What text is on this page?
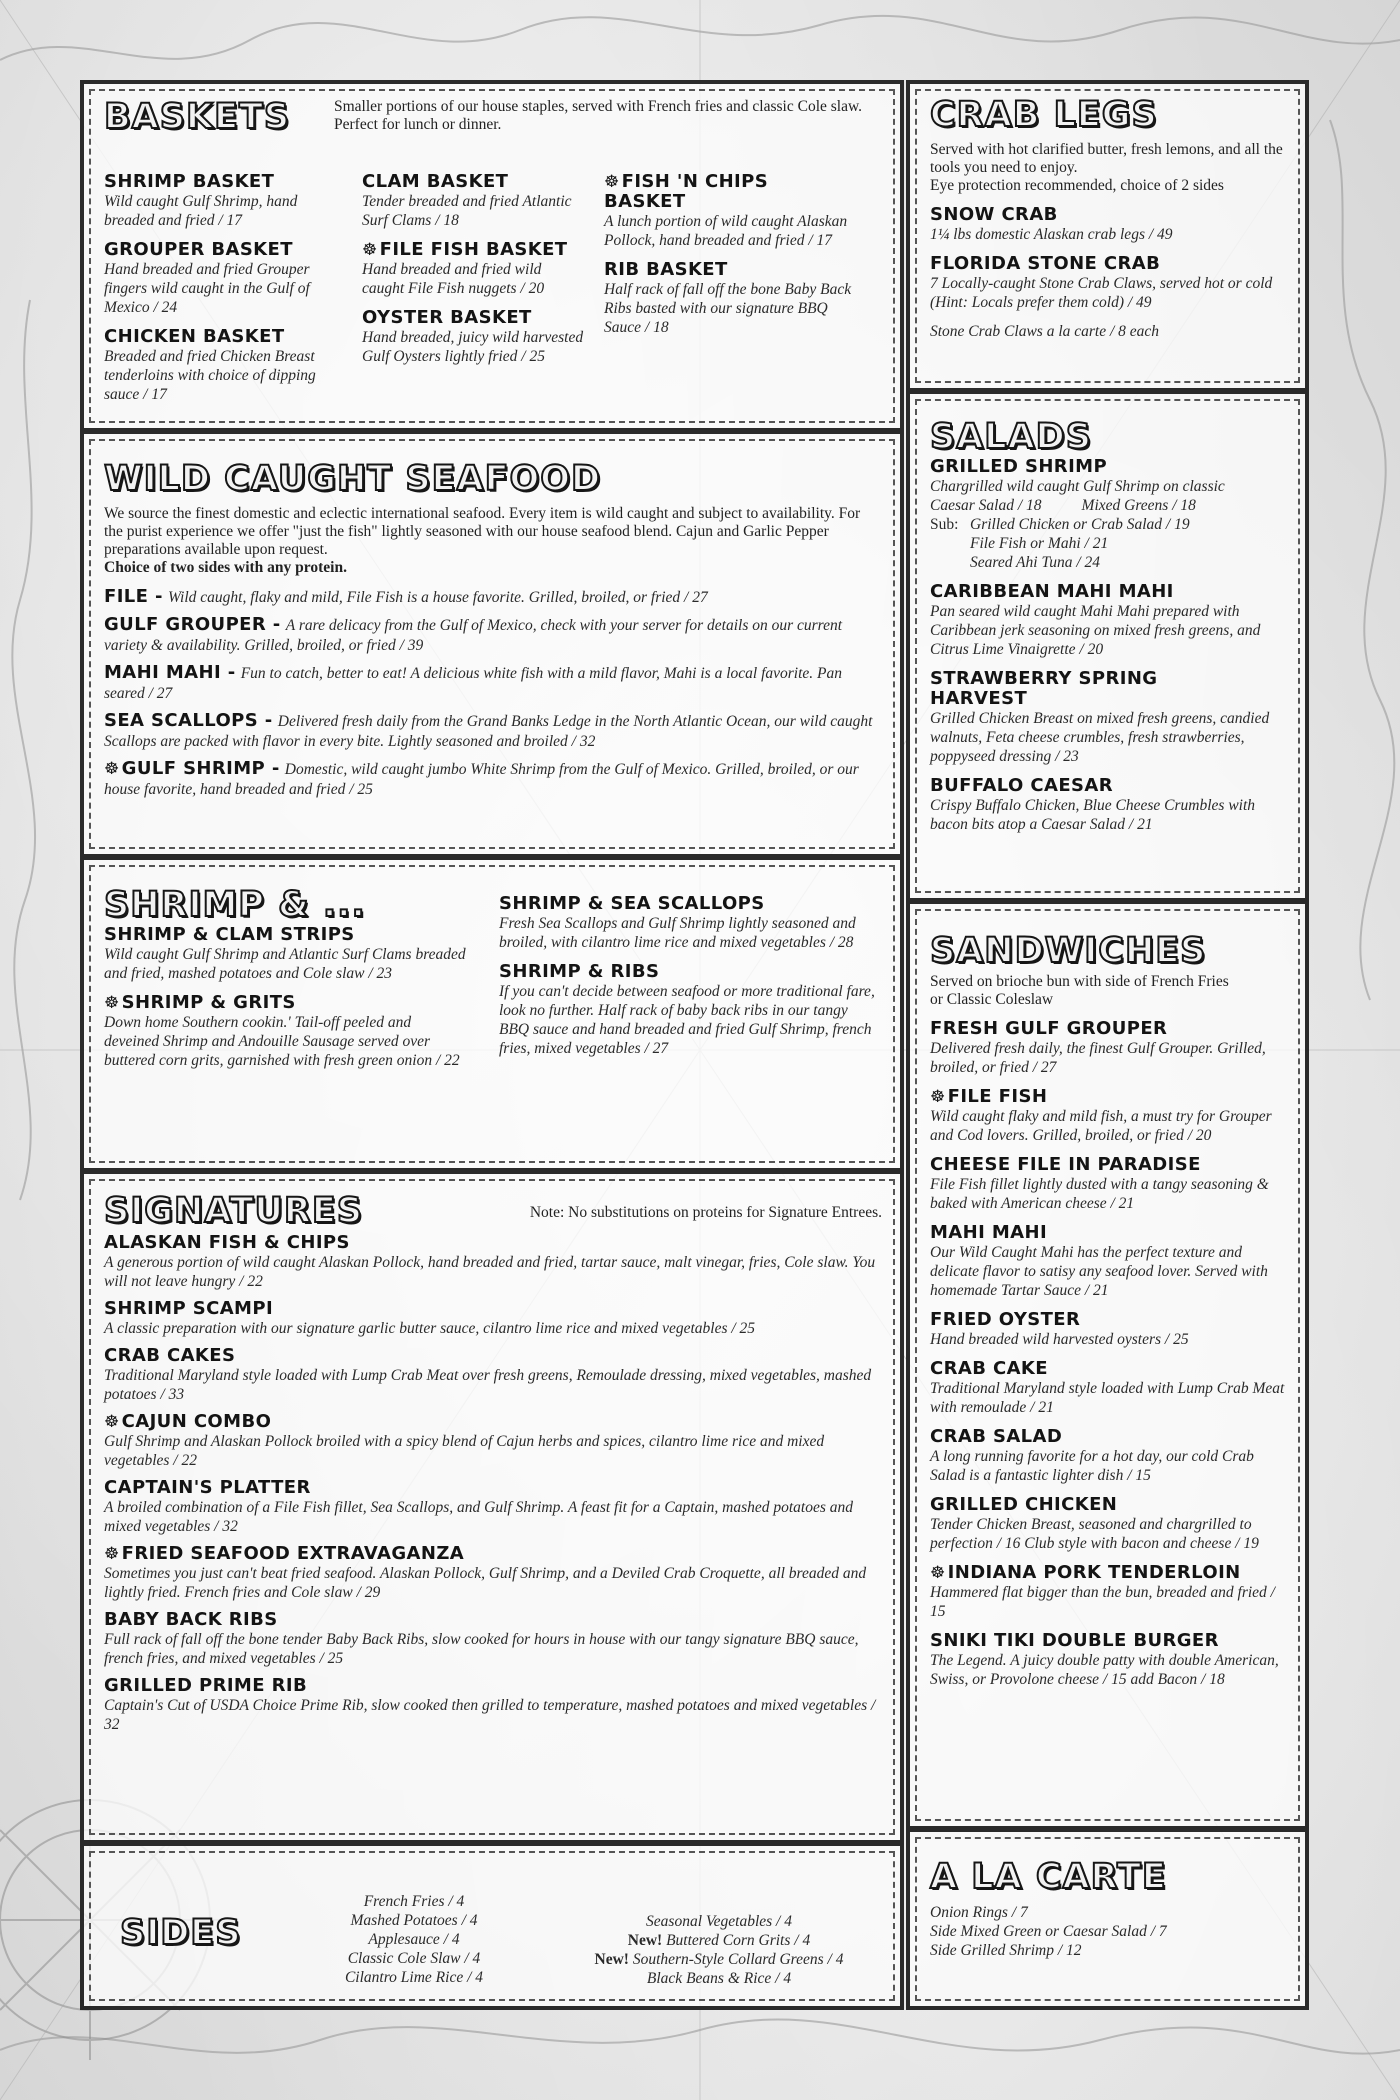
BASKETS	Smaller portions of our house staples, served with French fries and classic Cole slaw. Perfect for lunch or dinner.
SHRIMP BASKET
Wild caught Gulf Shrimp, hand breaded and fried / 17
GROUPER BASKET
Hand breaded and fried Grouper fingers wild caught in the Gulf of Mexico / 24
CHICKEN BASKET
Breaded and fried Chicken Breast tenderloins with choice of dipping sauce / 17
CLAM BASKET
Tender breaded and fried Atlantic Surf Clams / 18
☸ FILE FISH BASKET
Hand breaded and fried wild caught File Fish nuggets / 20
OYSTER BASKET
Hand breaded, juicy wild harvested Gulf Oysters lightly fried / 25
☸ FISH 'N CHIPS BASKET
A lunch portion of wild caught Alaskan Pollock, hand breaded and fried / 17
RIB BASKET
Half rack of fall off the bone Baby Back Ribs basted with our signature BBQ Sauce / 18
CRAB LEGS
Served with hot clarified butter, fresh lemons, and all the tools you need to enjoy.
Eye protection recommended, choice of 2 sides
SNOW CRAB
1¼ lbs domestic Alaskan crab legs / 49
FLORIDA STONE CRAB
7 Locally-caught Stone Crab Claws, served hot or cold (Hint: Locals prefer them cold) / 49
Stone Crab Claws a la carte / 8 each
WILD CAUGHT SEAFOOD
We source the finest domestic and eclectic international seafood. Every item is wild caught and subject to availability. For the purist experience we offer "just the fish" lightly seasoned with our house seafood blend. Cajun and Garlic Pepper preparations available upon request.
Choice of two sides with any protein.
FILE - Wild caught, flaky and mild, File Fish is a house favorite. Grilled, broiled, or fried / 27
GULF GROUPER - A rare delicacy from the Gulf of Mexico, check with your server for details on our current variety & availability. Grilled, broiled, or fried / 39
MAHI MAHI - Fun to catch, better to eat! A delicious white fish with a mild flavor, Mahi is a local favorite. Pan seared / 27
SEA SCALLOPS - Delivered fresh daily from the Grand Banks Ledge in the North Atlantic Ocean, our wild caught Scallops are packed with flavor in every bite. Lightly seasoned and broiled / 32
☸ GULF SHRIMP - Domestic, wild caught jumbo White Shrimp from the Gulf of Mexico. Grilled, broiled, or our house favorite, hand breaded and fried / 25
SALADS
GRILLED SHRIMP
Chargrilled wild caught Gulf Shrimp on classic
Caesar Salad / 18	Mixed Greens / 18
Sub: Grilled Chicken or Crab Salad / 19
File Fish or Mahi / 21
Seared Ahi Tuna / 24
CARIBBEAN MAHI MAHI
Pan seared wild caught Mahi Mahi prepared with Caribbean jerk seasoning on mixed fresh greens, and Citrus Lime Vinaigrette / 20
STRAWBERRY SPRING HARVEST
Grilled Chicken Breast on mixed fresh greens, candied walnuts, Feta cheese crumbles, fresh strawberries, poppyseed dressing / 23
BUFFALO CAESAR
Crispy Buffalo Chicken, Blue Cheese Crumbles with bacon bits atop a Caesar Salad / 21
SHRIMP & ...
SHRIMP & CLAM STRIPS
Wild caught Gulf Shrimp and Atlantic Surf Clams breaded and fried, mashed potatoes and Cole slaw / 23
☸ SHRIMP & GRITS
Down home Southern cookin.' Tail-off peeled and deveined Shrimp and Andouille Sausage served over buttered corn grits, garnished with fresh green onion / 22
SHRIMP & SEA SCALLOPS
Fresh Sea Scallops and Gulf Shrimp lightly seasoned and broiled, with cilantro lime rice and mixed vegetables / 28
SHRIMP & RIBS
If you can't decide between seafood or more traditional fare, look no further. Half rack of baby back ribs in our tangy BBQ sauce and hand breaded and fried Gulf Shrimp, french fries, mixed vegetables / 27
SANDWICHES
Served on brioche bun with side of French Fries or Classic Coleslaw
FRESH GULF GROUPER
Delivered fresh daily, the finest Gulf Grouper. Grilled, broiled, or fried / 27
☸ FILE FISH
Wild caught flaky and mild fish, a must try for Grouper and Cod lovers. Grilled, broiled, or fried / 20
CHEESE FILE IN PARADISE
File Fish fillet lightly dusted with a tangy seasoning & baked with American cheese / 21
MAHI MAHI
Our Wild Caught Mahi has the perfect texture and delicate flavor to satisy any seafood lover. Served with homemade Tartar Sauce / 21
FRIED OYSTER
Hand breaded wild harvested oysters / 25
CRAB CAKE
Traditional Maryland style loaded with Lump Crab Meat with remoulade / 21
CRAB SALAD
A long running favorite for a hot day, our cold Crab Salad is a fantastic lighter dish / 15
GRILLED CHICKEN
Tender Chicken Breast, seasoned and chargrilled to perfection / 16 Club style with bacon and cheese / 19
☸ INDIANA PORK TENDERLOIN
Hammered flat bigger than the bun, breaded and fried / 15
SNIKI TIKI DOUBLE BURGER
The Legend. A juicy double patty with double American, Swiss, or Provolone cheese / 15 add Bacon / 18
SIGNATURES	Note: No substitutions on proteins for Signature Entrees.
ALASKAN FISH & CHIPS
A generous portion of wild caught Alaskan Pollock, hand breaded and fried, tartar sauce, malt vinegar, fries, Cole slaw. You will not leave hungry / 22
SHRIMP SCAMPI
A classic preparation with our signature garlic butter sauce, cilantro lime rice and mixed vegetables / 25
CRAB CAKES
Traditional Maryland style loaded with Lump Crab Meat over fresh greens, Remoulade dressing, mixed vegetables, mashed potatoes / 33
☸ CAJUN COMBO
Gulf Shrimp and Alaskan Pollock broiled with a spicy blend of Cajun herbs and spices, cilantro lime rice and mixed vegetables / 22
CAPTAIN'S PLATTER
A broiled combination of a File Fish fillet, Sea Scallops, and Gulf Shrimp. A feast fit for a Captain, mashed potatoes and mixed vegetables / 32
☸ FRIED SEAFOOD EXTRAVAGANZA
Sometimes you just can't beat fried seafood. Alaskan Pollock, Gulf Shrimp, and a Deviled Crab Croquette, all breaded and lightly fried. French fries and Cole slaw / 29
BABY BACK RIBS
Full rack of fall off the bone tender Baby Back Ribs, slow cooked for hours in house with our tangy signature BBQ sauce, french fries, and mixed vegetables / 25
GRILLED PRIME RIB
Captain's Cut of USDA Choice Prime Rib, slow cooked then grilled to temperature, mashed potatoes and mixed vegetables / 32
SIDES
French Fries / 4
Mashed Potatoes / 4
Applesauce / 4
Classic Cole Slaw / 4
Cilantro Lime Rice / 4
Seasonal Vegetables / 4
New! Buttered Corn Grits / 4
New! Southern-Style Collard Greens / 4
Black Beans & Rice / 4
A LA CARTE
Onion Rings / 7
Side Mixed Green or Caesar Salad / 7
Side Grilled Shrimp / 12
